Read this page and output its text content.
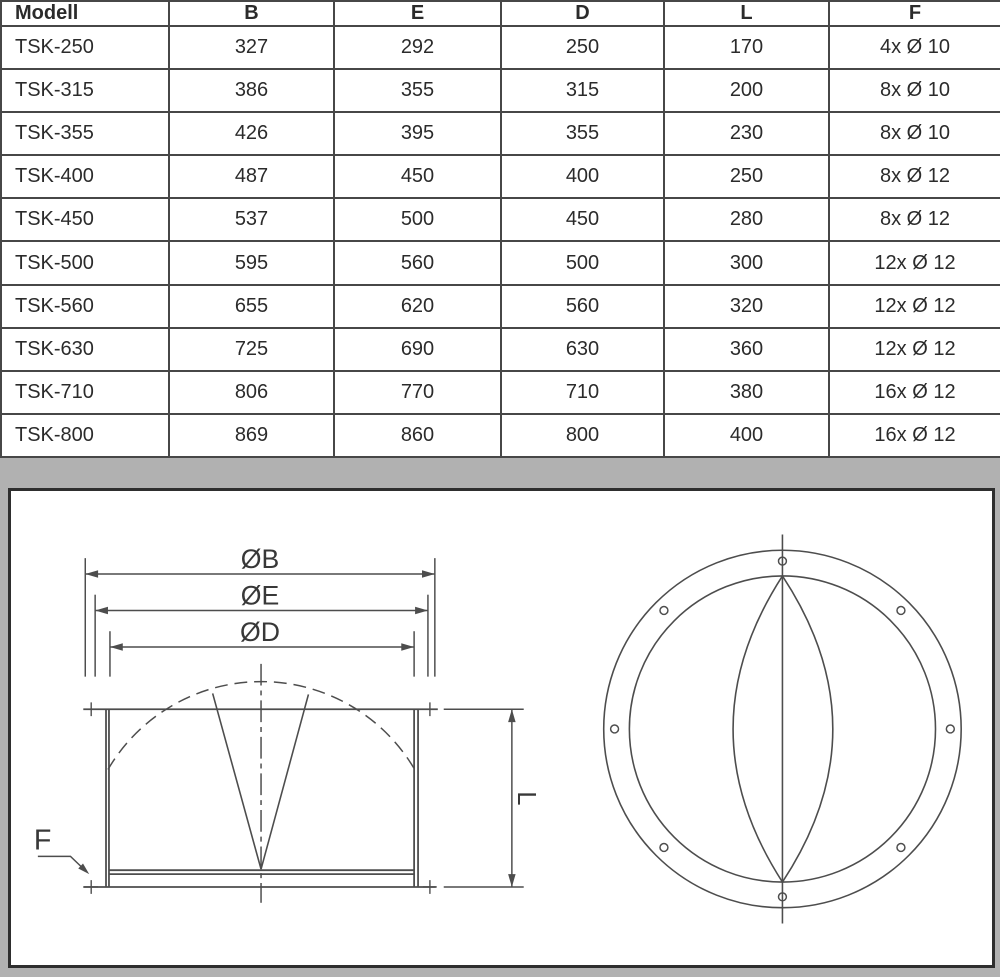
Modell	B	E	D	L	F
TSK-250	327	292	250	170	4x Ø 10
TSK-315	386	355	315	200	8x Ø 10
TSK-355	426	395	355	230	8x Ø 10
TSK-400	487	450	400	250	8x Ø 12
TSK-450	537	500	450	280	8x Ø 12
TSK-500	595	560	500	300	12x Ø 12
TSK-560	655	620	560	320	12x Ø 12
TSK-630	725	690	630	360	12x Ø 12
TSK-710	806	770	710	380	16x Ø 12
TSK-800	869	860	800	400	16x Ø 12
ØB
ØE
ØD
F
L
